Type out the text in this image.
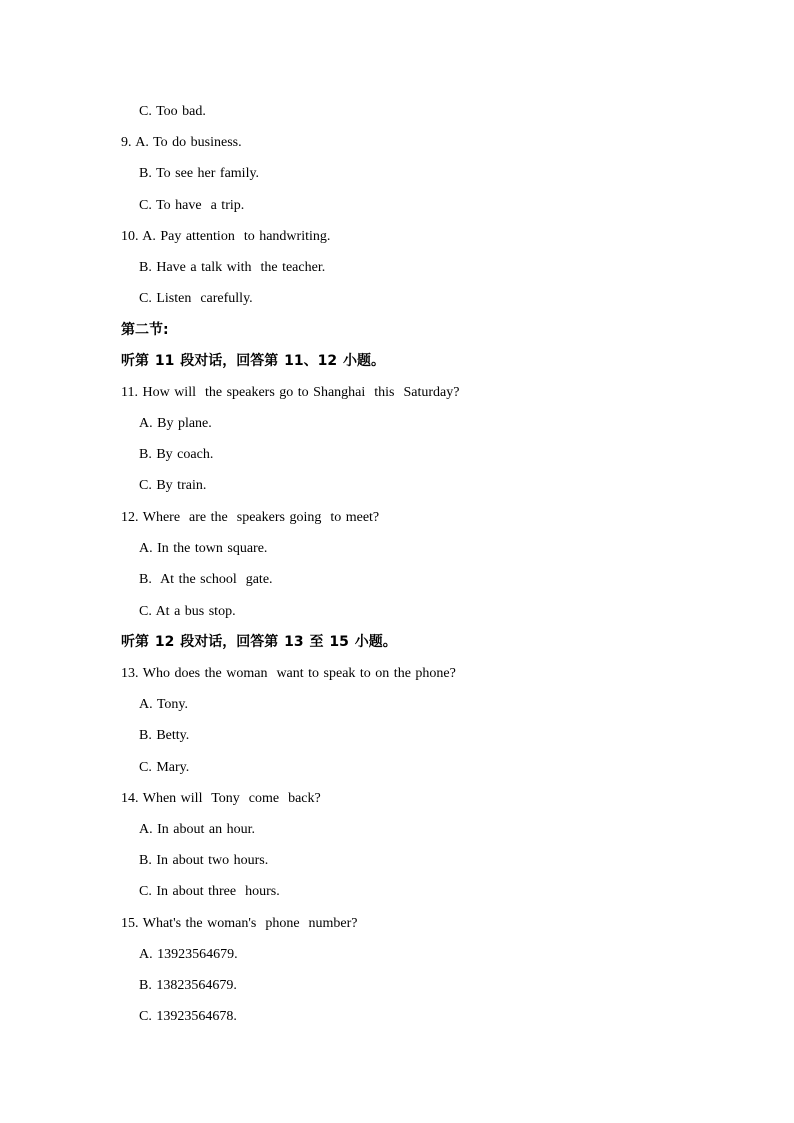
C. Too bad.
9. A. To do business.
B. To see her family.
C. To have  a trip.
10. A. Pay attention  to handwriting.
B. Have a talk with  the teacher.
C. Listen  carefully.
第二节:
听第 11 段对话，回答第 11、12 小题。
11. How will  the speakers go to Shanghai  this  Saturday?
A. By plane.
B. By coach.
C. By train.
12. Where  are the  speakers going  to meet?
A. In the town square.
B.  At the school  gate.
C. At a bus stop.
听第 12 段对话，回答第 13 至 15 小题。
13. Who does the woman  want to speak to on the phone?
A. Tony.
B. Betty.
C. Mary.
14. When will  Tony  come  back?
A. In about an hour.
B. In about two hours.
C. In about three  hours.
15. What's the woman's  phone  number?
A. 13923564679.
B. 13823564679.
C. 13923564678.
